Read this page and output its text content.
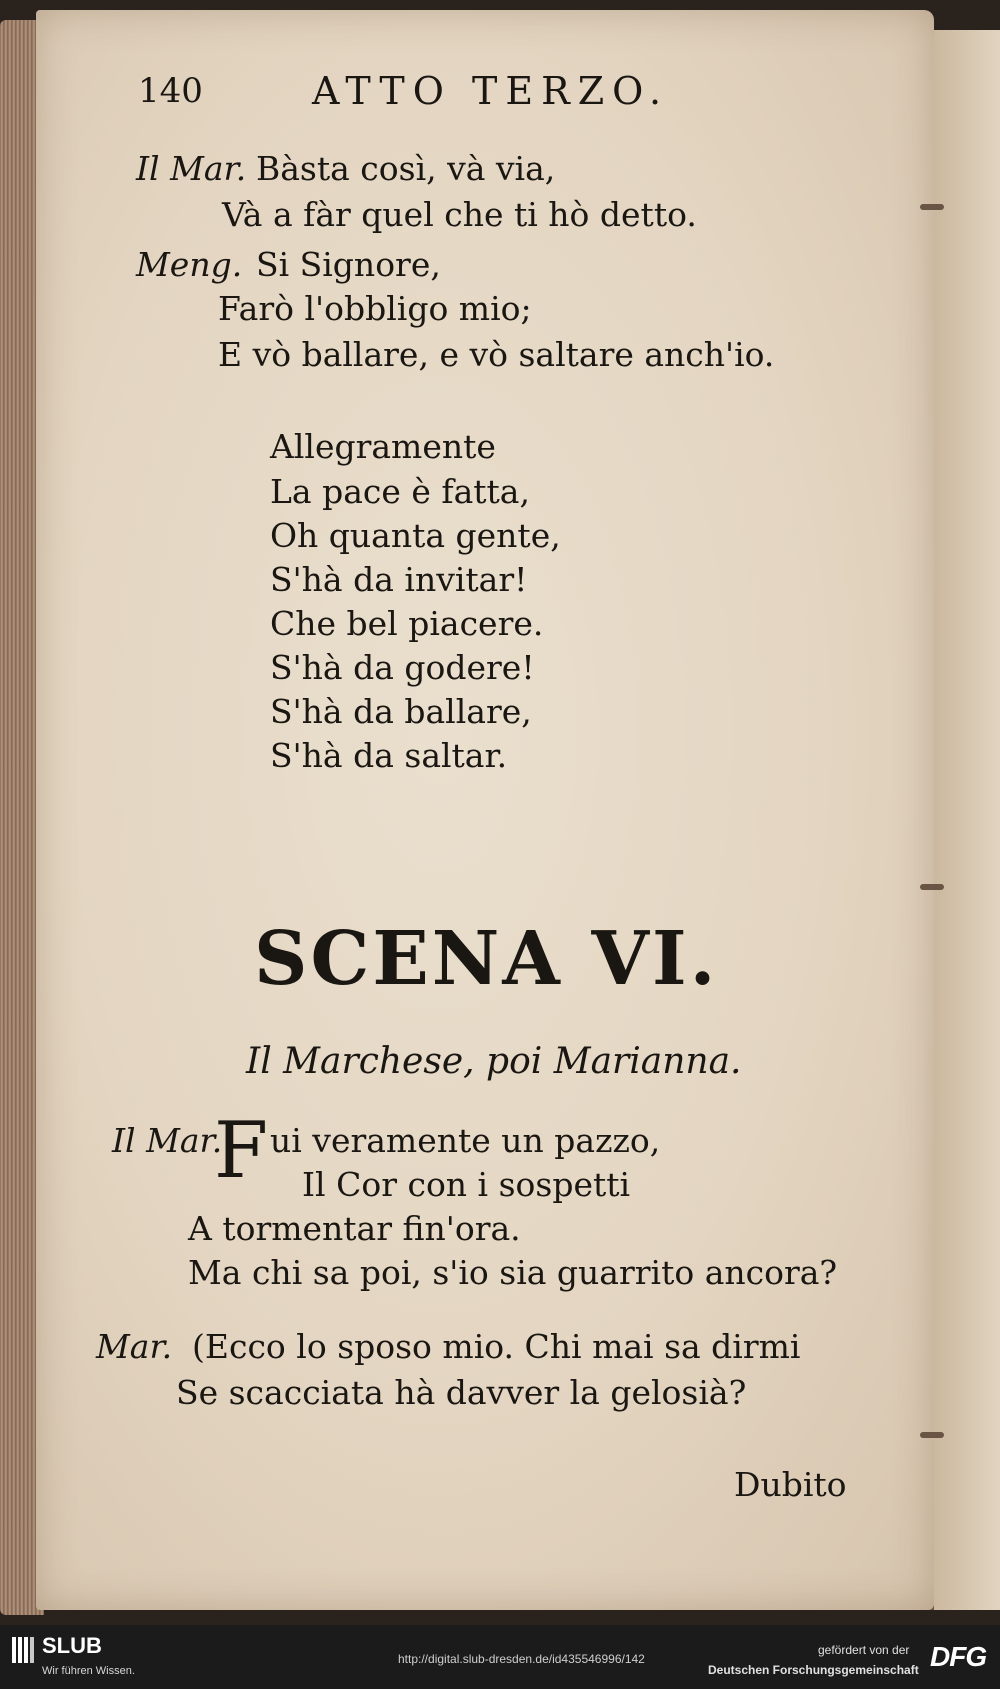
140	ATTO TERZO.
Il Mar. Bàsta così, và via,
Và a fàr quel che ti hò detto.
Meng. Si Signore,
Farò l'obbligo mio;
E vò ballare, e vò saltare anch'io.
Allegramente
La pace è fatta,
Oh quanta gente,
S'hà da invitar!
Che bel piacere.
S'hà da godere!
S'hà da ballare,
S'hà da saltar.
SCENA VI.
Il Marchese, poi Marianna.
Il Mar.
F ui veramente un pazzo,
Il Cor con i sospetti
A tormentar fin'ora.
Ma chi sa poi, s'io sia guarrito ancora?
Mar. (Ecco lo sposo mio. Chi mai sa dirmi
Se scacciata hà davver la gelosià?
Dubito
SLUB
Wir führen Wissen.
http://digital.slub-dresden.de/id435546996/142
gefördert von der
Deutschen Forschungsgemeinschaft DFG
